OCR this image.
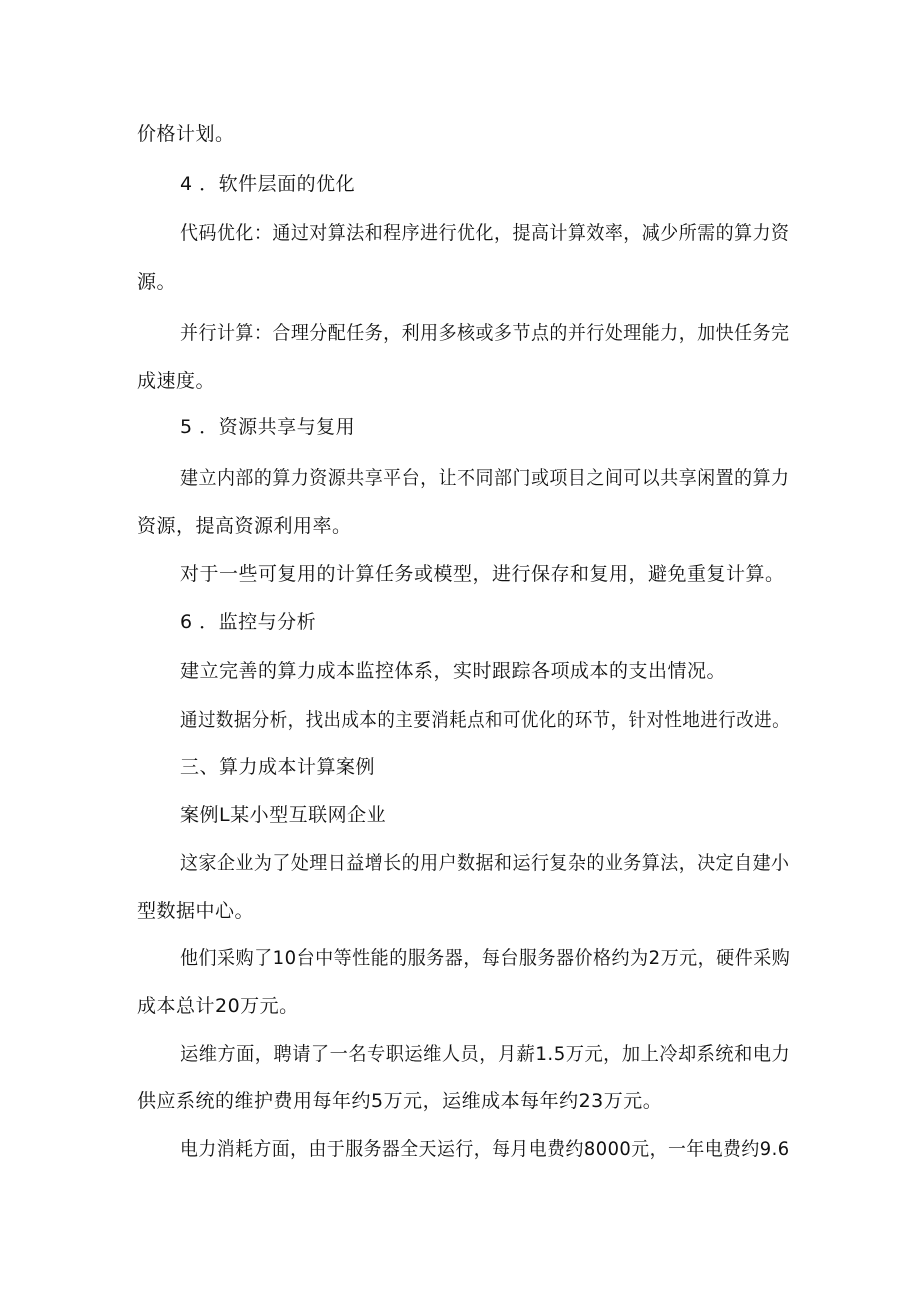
价格计划。
4 ．软件层面的优化
代码优化：通过对算法和程序进行优化，提高计算效率，减少所需的算力资
源。
并行计算：合理分配任务，利用多核或多节点的并行处理能力，加快任务完
成速度。
5 ．资源共享与复用
建立内部的算力资源共享平台，让不同部门或项目之间可以共享闲置的算力
资源，提高资源利用率。
对于一些可复用的计算任务或模型，进行保存和复用，避免重复计算。
6 ．监控与分析
建立完善的算力成本监控体系，实时跟踪各项成本的支出情况。
通过数据分析，找出成本的主要消耗点和可优化的环节，针对性地进行改进。
三、算力成本计算案例
案例L某小型互联网企业
这家企业为了处理日益增长的用户数据和运行复杂的业务算法，决定自建小
型数据中心。
他们采购了10台中等性能的服务器，每台服务器价格约为2万元，硬件采购
成本总计20万元。
运维方面，聘请了一名专职运维人员，月薪1.5万元，加上冷却系统和电力
供应系统的维护费用每年约5万元，运维成本每年约23万元。
电力消耗方面，由于服务器全天运行，每月电费约8000元，一年电费约9.6
